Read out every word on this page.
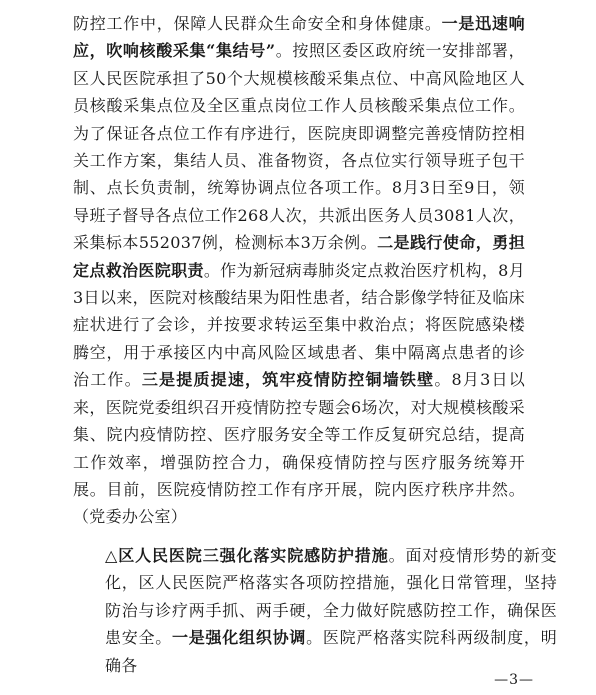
防控工作中，保障人民群众生命安全和身体健康。一是迅速响应，吹响核酸采集“集结号”。按照区委区政府统一安排部署，区人民医院承担了50个大规模核酸采集点位、中高风险地区人员核酸采集点位及全区重点岗位工作人员核酸采集点位工作。为了保证各点位工作有序进行，医院庚即调整完善疫情防控相关工作方案，集结人员、准备物资，各点位实行领导班子包干制、点长负责制，统筹协调点位各项工作。8月3日至9日，领导班子督导各点位工作268人次，共派出医务人员3081人次，采集标本552037例，检测标本3万余例。二是践行使命，勇担定点救治医院职责。作为新冠病毒肺炎定点救治医疗机构，8月3日以来，医院对核酸结果为阳性患者，结合影像学特征及临床症状进行了会诊，并按要求转运至集中救治点；将医院感染楼腾空，用于承接区内中高风险区域患者、集中隔离点患者的诊治工作。三是提质提速，筑牢疫情防控铜墙铁壁。8月3日以来，医院党委组织召开疫情防控专题会6场次，对大规模核酸采集、院内疫情防控、医疗服务安全等工作反复研究总结，提高工作效率，增强防控合力，确保疫情防控与医疗服务统筹开展。目前，医院疫情防控工作有序开展，院内医疗秩序井然。（党委办公室）

△区人民医院三强化落实院感防护措施。面对疫情形势的新变化，区人民医院严格落实各项防控措施，强化日常管理，坚持防治与诊疗两手抓、两手硬，全力做好院感防控工作，确保医患安全。一是强化组织协调。医院严格落实院科两级制度，明确各

—3—
